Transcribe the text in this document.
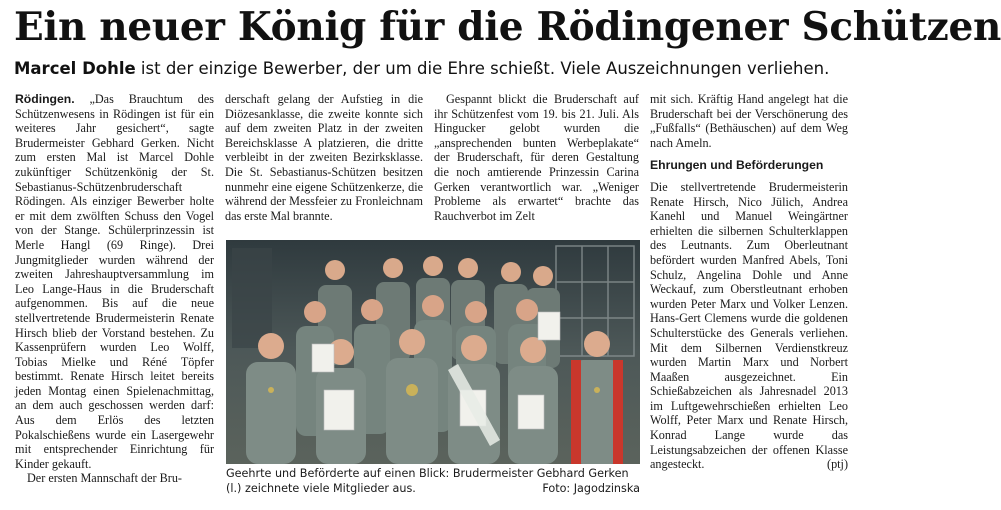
Ein neuer König für die Rödingener Schützen
Marcel Dohle ist der einzige Bewerber, der um die Ehre schießt. Viele Auszeichnungen verliehen.

Rödingen. „Das Brauchtum des Schützenwesens in Rödingen ist für ein weiteres Jahr gesichert“, sagte Brudermeister Gebhard Gerken. Nicht zum ersten Mal ist Marcel Dohle zukünftiger Schützenkönig der St. Sebastianus-Schützenbruderschaft Rödingen. Als einziger Bewerber holte er mit dem zwölften Schuss den Vogel von der Stange. Schülerprinzessin ist Merle Hangl (69 Ringe). Drei Jungmitglieder wurden während der zweiten Jahreshauptversammlung im Leo Lange-Haus in die Bruderschaft aufgenommen. Bis auf die neue stellvertretende Brudermeisterin Renate Hirsch blieb der Vorstand bestehen. Zu Kassenprüfern wurden Leo Wolff, Tobias Mielke und Réné Töpfer bestimmt. Renate Hirsch leitet bereits jeden Montag einen Spielenachmittag, an dem auch geschossen werden darf: Aus dem Erlös des letzten Pokalschießens wurde ein Lasergewehr mit entsprechender Einrichtung für Kinder gekauft.

Der ersten Mannschaft der Bru-

derschaft gelang der Aufstieg in die Diözesanklasse, die zweite konnte sich auf dem zweiten Platz in der zweiten Bereichsklasse A platzieren, die dritte verbleibt in der zweiten Bezirksklasse. Die St. Sebastianus-Schützen besitzen nunmehr eine eigene Schützenkerze, die während der Messfeier zu Fronleichnam das erste Mal brannte.

Gespannt blickt die Bruderschaft auf ihr Schützenfest vom 19. bis 21. Juli. Als Hingucker gelobt wurden die „ansprechenden bunten Werbeplakate“ der Bruderschaft, für deren Gestaltung die noch amtierende Prinzessin Carina Gerken verantwortlich war. „Weniger Probleme als erwartet“ brachte das Rauchverbot im Zelt

mit sich. Kräftig Hand angelegt hat die Bruderschaft bei der Verschönerung des „Fußfalls“ (Bethäuschen) auf dem Weg nach Ameln.

Ehrungen und Beförderungen

Die stellvertretende Brudermeisterin Renate Hirsch, Nico Jülich, Andrea Kanehl und Manuel Weingärtner erhielten die silbernen Schulterklappen des Leutnants. Zum Oberleutnant befördert wurden Manfred Abels, Toni Schulz, Angelina Dohle und Anne Weckauf, zum Oberstleutnant erhoben wurden Peter Marx und Volker Lenzen. Hans-Gert Clemens wurde die goldenen Schulterstücke des Generals verliehen. Mit dem Silbernen Verdienstkreuz wurden Martin Marx und Norbert Maaßen ausgezeichnet. Ein Schießabzeichen als Jahresnadel 2013 im Luftgewehrschießen erhielten Leo Wolff, Peter Marx und Renate Hirsch, Konrad Lange wurde das Leistungsabzeichen der offenen Klasse angesteckt.	(ptj)

Geehrte und Beförderte auf einen Blick: Brudermeister Gebhard Gerken (l.) zeichnete viele Mitglieder aus.	Foto: Jagodzinska
